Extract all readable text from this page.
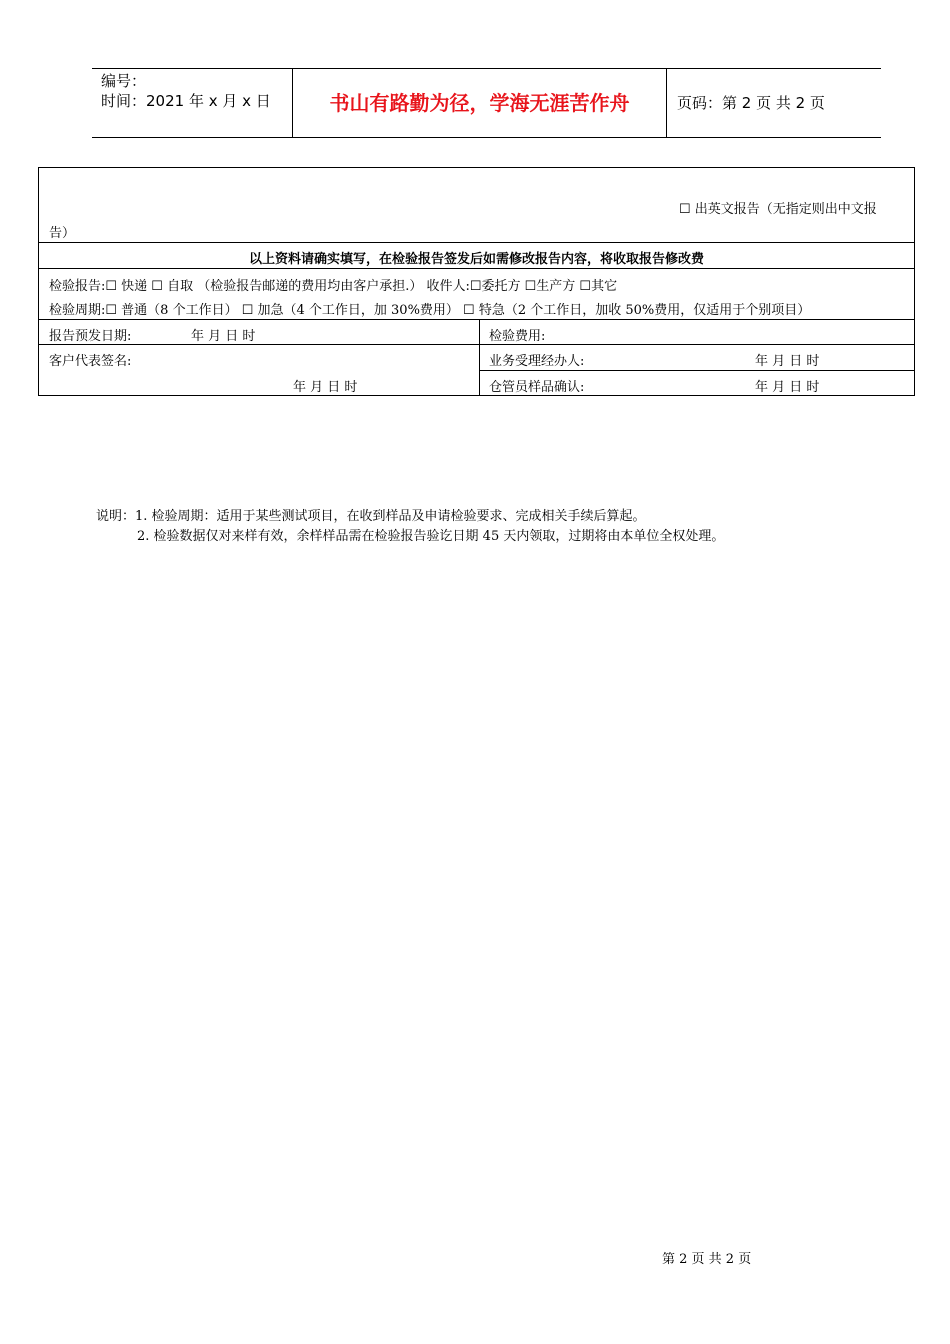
编号：
时间：2021 年 x 月 x 日	书山有路勤为径，学海无涯苦作舟	页码：第 2 页 共 2 页
☐ 出英文报告（无指定则出中文报
告）
以上资料请确实填写，在检验报告签发后如需修改报告内容，将收取报告修改费
检验报告:☐ 快递 ☐ 自取 （检验报告邮递的费用均由客户承担.） 收件人:☐委托方 ☐生产方 ☐其它
检验周期:☐ 普通（8 个工作日） ☐ 加急（4 个工作日，加 30%费用） ☐ 特急（2 个工作日，加收 50%费用，仅适用于个别项目）
报告预发日期:	年 月 日 时	检验费用:
客户代表签名:
年 月 日 时
业务受理经办人:	年 月 日 时
仓管员样品确认:	年 月 日 时
说明：1. 检验周期：适用于某些测试项目，在收到样品及申请检验要求、完成相关手续后算起。
2. 检验数据仅对来样有效，余样样品需在检验报告验讫日期 45 天内领取，过期将由本单位全权处理。
第 2 页 共 2 页
